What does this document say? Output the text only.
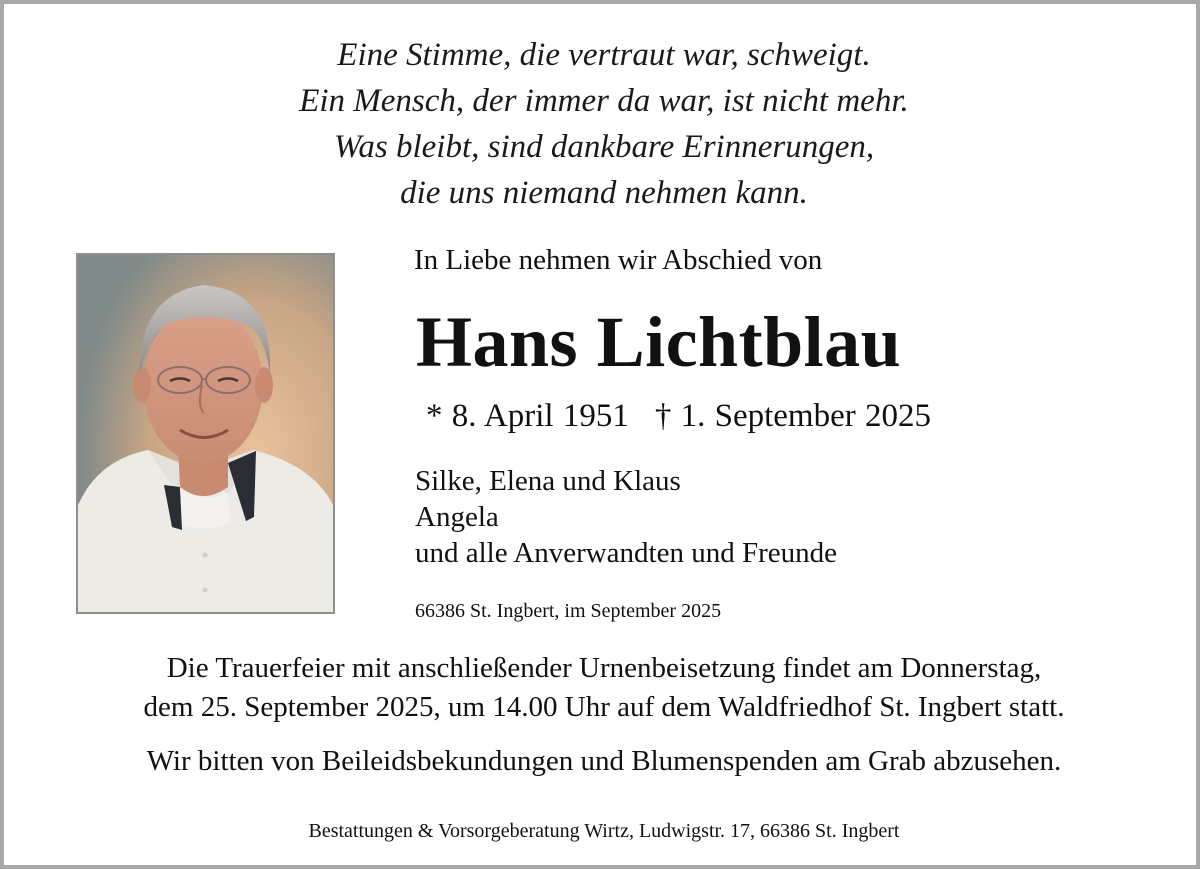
Eine Stimme, die vertraut war, schweigt.
Ein Mensch, der immer da war, ist nicht mehr.
Was bleibt, sind dankbare Erinnerungen,
die uns niemand nehmen kann.
In Liebe nehmen wir Abschied von
Hans Lichtblau
* 8. April 1951 † 1. September 2025
Silke, Elena und Klaus
Angela
und alle Anverwandten und Freunde
66386 St. Ingbert, im September 2025
Die Trauerfeier mit anschließender Urnenbeisetzung findet am Donnerstag,
dem 25. September 2025, um 14.00 Uhr auf dem Waldfriedhof St. Ingbert statt.
Wir bitten von Beileidsbekundungen und Blumenspenden am Grab abzusehen.
Bestattungen & Vorsorgeberatung Wirtz, Ludwigstr. 17, 66386 St. Ingbert
